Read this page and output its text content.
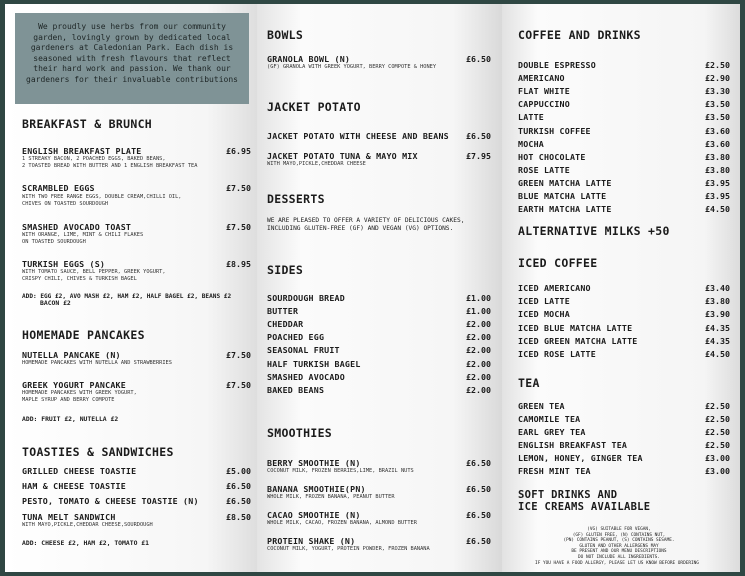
We proudly use herbs from our community garden, lovingly grown by dedicated local gardeners at Caledonian Park. Each dish is seasoned with fresh flavours that reflect their hard work and passion. We thank our gardeners for their invaluable contributions
BREAKFAST & BRUNCH
ENGLISH BREAKFAST PLATE	£6.95
1 STREAKY BACON, 2 POACHED EGGS, BAKED BEANS,
2 TOASTED BREAD WITH BUTTER AND 1 ENGLISH BREAKFAST TEA
SCRAMBLED EGGS	£7.50
WITH TWO FREE RANGE EGGS, DOUBLE CREAM,CHILLI OIL,
CHIVES ON TOASTED SOURDOUGH
SMASHED AVOCADO TOAST	£7.50
WITH ORANGE, LIME, MINT & CHILI FLAKES
ON TOASTED SOURDOUGH
TURKISH EGGS (S)	£8.95
WITH TOMATO SAUCE, BELL PEPPER, GREEK YOGURT,
CRISPY CHILI, CHIVES & TURKISH BAGEL
ADD: EGG £2, AVO MASH £2, HAM £2, HALF BAGEL £2, BEANS £2
BACON £2
HOMEMADE PANCAKES
NUTELLA PANCAKE (N)	£7.50
HOMEMADE PANCAKES WITH NUTELLA AND STRAWBERRIES
GREEK YOGURT PANCAKE	£7.50
HOMEMADE PANCAKES WITH GREEK YOGURT,
MAPLE SYRUP AND BERRY COMPOTE
ADD: FRUIT £2, NUTELLA £2
TOASTIES & SANDWICHES
GRILLED CHEESE TOASTIE	£5.00
HAM & CHEESE TOASTIE	£6.50
PESTO, TOMATO & CHEESE TOASTIE (N)	£6.50
TUNA MELT SANDWICH	£8.50
WITH MAYO,PICKLE,CHEDDAR CHEESE,SOURDOUGH
ADD: CHEESE £2, HAM £2, TOMATO £1
BOWLS
GRANOLA BOWL (N)	£6.50
(GF) GRANOLA WITH GREEK YOGURT, BERRY COMPOTE & HONEY
JACKET POTATO
JACKET POTATO WITH CHEESE AND BEANS	£6.50
JACKET POTATO TUNA & MAYO MIX	£7.95
WITH MAYO,PICKLE,CHEDDAR CHEESE
DESSERTS
WE ARE PLEASED TO OFFER A VARIETY OF DELICIOUS CAKES,
INCLUDING GLUTEN-FREE (GF) AND VEGAN (VG) OPTIONS.
SIDES
SOURDOUGH BREAD	£1.00
BUTTER	£1.00
CHEDDAR	£2.00
POACHED EGG	£2.00
SEASONAL FRUIT	£2.00
HALF TURKISH BAGEL	£2.00
SMASHED AVOCADO	£2.00
BAKED BEANS	£2.00
SMOOTHIES
BERRY SMOOTHIE (N)	£6.50
COCONUT MILK, FROZEN BERRIES,LIME, BRAZIL NUTS
BANANA SMOOTHIE(PN)	£6.50
WHOLE MILK, FROZEN BANANA, PEANUT BUTTER
CACAO SMOOTHIE (N)	£6.50
WHOLE MILK, CACAO, FROZEN BANANA, ALMOND BUTTER
PROTEIN SHAKE (N)	£6.50
COCONUT MILK, YOGURT, PROTEIN POWDER, FROZEN BANANA
COFFEE AND DRINKS
DOUBLE ESPRESSO	£2.50
AMERICANO	£2.90
FLAT WHITE	£3.30
CAPPUCCINO	£3.50
LATTE	£3.50
TURKISH COFFEE	£3.60
MOCHA	£3.60
HOT CHOCOLATE	£3.80
ROSE LATTE	£3.80
GREEN MATCHA LATTE	£3.95
BLUE MATCHA LATTE	£3.95
EARTH MATCHA LATTE	£4.50
ALTERNATIVE MILKS +50
ICED COFFEE
ICED AMERICANO	£3.40
ICED LATTE	£3.80
ICED MOCHA	£3.90
ICED BLUE MATCHA LATTE	£4.35
ICED GREEN MATCHA LATTE	£4.35
ICED ROSE LATTE	£4.50
TEA
GREEN TEA	£2.50
CAMOMILE TEA	£2.50
EARL GREY TEA	£2.50
ENGLISH BREAKFAST TEA	£2.50
LEMON, HONEY, GINGER TEA	£3.00
FRESH MINT TEA	£3.00
SOFT DRINKS AND
ICE CREAMS AVAILABLE
(VG) SUITABLE FOR VEGAN,
(GF) GLUTEN FREE, (N) CONTAINS NUT,
(PN) CONTAINS PEANUT, (S) CONTAINS SESAME.
GLUTEN AND OTHER ALLERGENS MAY
BE PRESENT AND OUR MENU DESCRIPTIONS
DO NOT INCLUDE ALL INGREDIENTS.
IF YOU HAVE A FOOD ALLERGY, PLEASE LET US KNOW BEFORE ORDERING
